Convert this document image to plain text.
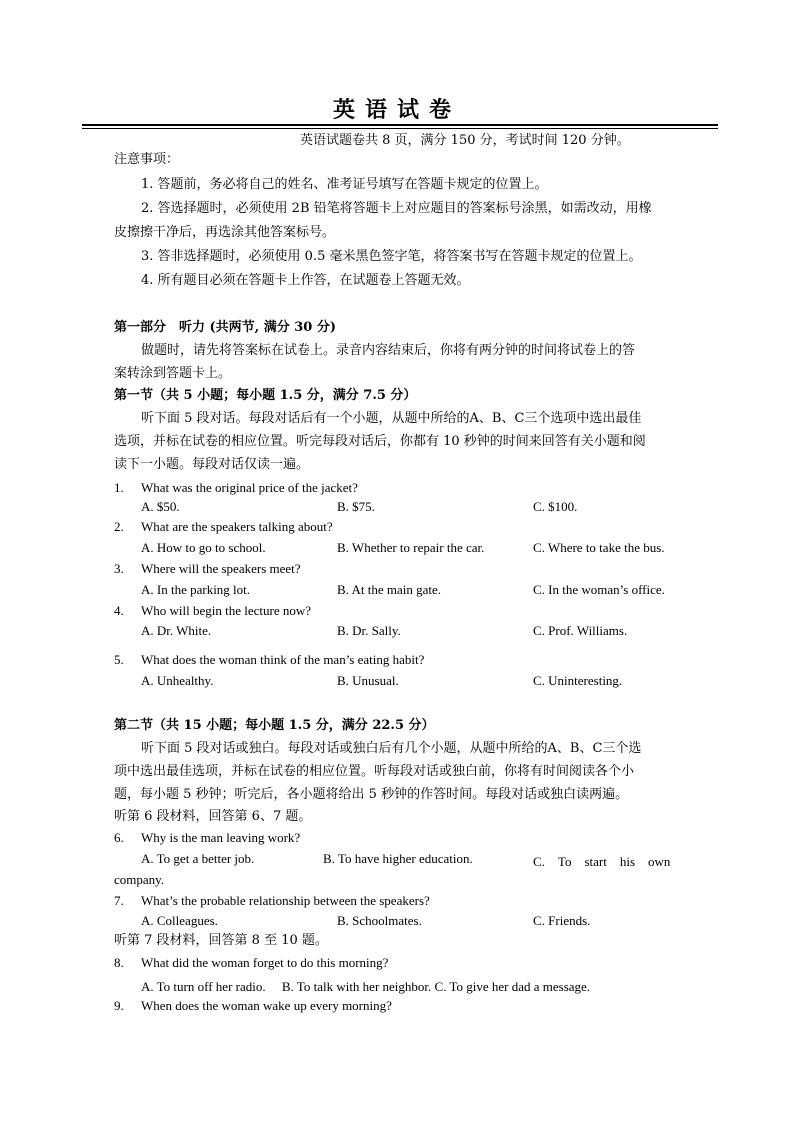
英语试卷
英语试题卷共 8 页，满分 150 分，考试时间 120 分钟。
注意事项：
1. 答题前，务必将自己的姓名、准考证号填写在答题卡规定的位置上。
2. 答选择题时，必须使用 2B 铅笔将答题卡上对应题目的答案标号涂黑，如需改动，用橡
皮擦擦干净后，再选涂其他答案标号。
3. 答非选择题时，必须使用 0.5 毫米黑色签字笔，将答案书写在答题卡规定的位置上。
4. 所有题目必须在答题卡上作答，在试题卷上答题无效。
第一部分　听力 (共两节, 满分 30 分)
做题时，请先将答案标在试卷上。录音内容结束后，你将有两分钟的时间将试卷上的答
案转涂到答题卡上。
第一节（共 5 小题；每小题 1.5 分，满分 7.5 分）
听下面 5 段对话。每段对话后有一个小题，从题中所给的A、B、C三个选项中选出最佳
选项，并标在试卷的相应位置。听完每段对话后，你都有 10 秒钟的时间来回答有关小题和阅
读下一小题。每段对话仅读一遍。
1. What was the original price of the jacket?
A. $50.	B. $75.	C. $100.
2. What are the speakers talking about?
A. How to go to school.	B. Whether to repair the car.	C. Where to take the bus.
3. Where will the speakers meet?
A. In the parking lot.	B. At the main gate.	C. In the woman’s office.
4. Who will begin the lecture now?
A. Dr. White.	B. Dr. Sally.	C. Prof. Williams.
5. What does the woman think of the man’s eating habit?
A. Unhealthy.	B. Unusual.	C. Uninteresting.
第二节（共 15 小题；每小题 1.5 分，满分 22.5 分）
听下面 5 段对话或独白。每段对话或独白后有几个小题，从题中所给的A、B、C三个选
项中选出最佳选项，并标在试卷的相应位置。听每段对话或独白前，你将有时间阅读各个小
题，每小题 5 秒钟；听完后，各小题将给出 5 秒钟的作答时间。每段对话或独白读两遍。
听第 6 段材料，回答第 6、7 题。
6. Why is the man leaving work?
A. To get a better job.	B. To have higher education.	C.　To　start　his　own
company.
7. What’s the probable relationship between the speakers?
A. Colleagues.	B. Schoolmates.	C. Friends.
听第 7 段材料，回答第 8 至 10 题。
8. What did the woman forget to do this morning?
A. To turn off her radio.　 B. To talk with her neighbor. C. To give her dad a message.
9. When does the woman wake up every morning?
